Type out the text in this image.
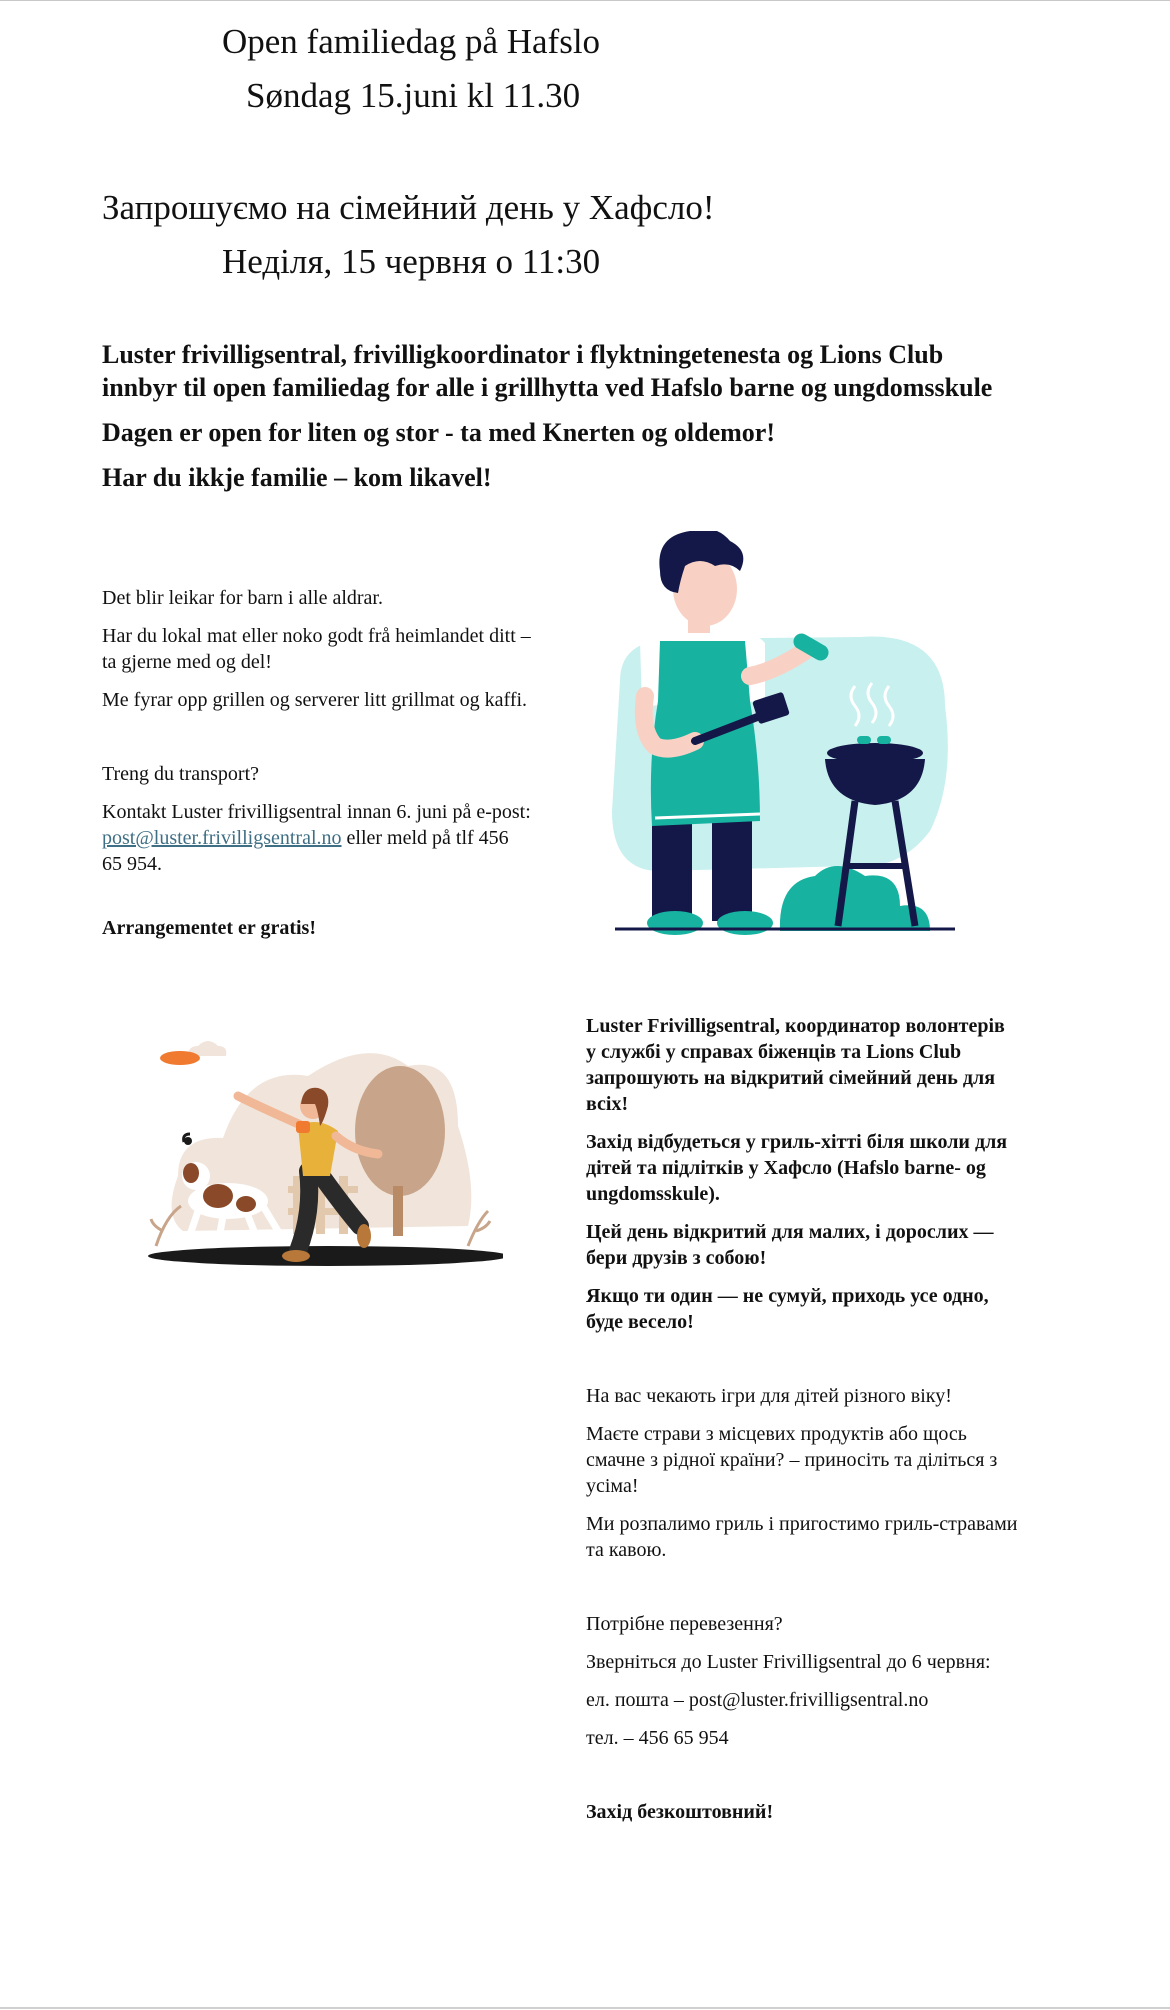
Open familiedag på Hafslo
Søndag 15.juni kl 11.30
Запрошуємо на сімейний день у Хафсло!
Неділя, 15 червня о 11:30

Luster frivilligsentral, frivilligkoordinator i flyktningetenesta og Lions Club

innbyr til open familiedag for alle i grillhytta ved Hafslo barne og ungdomsskule

Dagen er open for liten og stor - ta med Knerten og oldemor!

Har du ikkje familie – kom likavel!

Det blir leikar for barn i alle aldrar.

Har du lokal mat eller noko godt frå heimlandet ditt –

ta gjerne med og del!

Me fyrar opp grillen og serverer litt grillmat og kaffi.

Treng du transport?

Kontakt Luster frivilligsentral innan 6. juni på e-post:

post@luster.frivilligsentral.no eller meld på tlf 456

65 954.

Arrangementet er gratis!

Luster Frivilligsentral, координатор волонтерів

у службі у справах біженців та Lions Club

запрошують на відкритий сімейний день для

всіх!

Захід відбудеться у гриль-хітті біля школи для

дітей та підлітків у Хафсло (Hafslo barne- og

ungdomsskule).

Цей день відкритий для малих, і дорослих —

бери друзів з собою!

Якщо ти один — не сумуй, приходь усе одно,

буде весело!

На вас чекають ігри для дітей різного віку!

Маєте страви з місцевих продуктів або щось

смачне з рідної країни? – приносіть та діліться з

усіма!

Ми розпалимо гриль і пригостимо гриль-стравами

та кавою.

Потрібне перевезення?

Зверніться до Luster Frivilligsentral до 6 червня:

ел. пошта – post@luster.frivilligsentral.no

тел. – 456 65 954

Захід безкоштовний!
